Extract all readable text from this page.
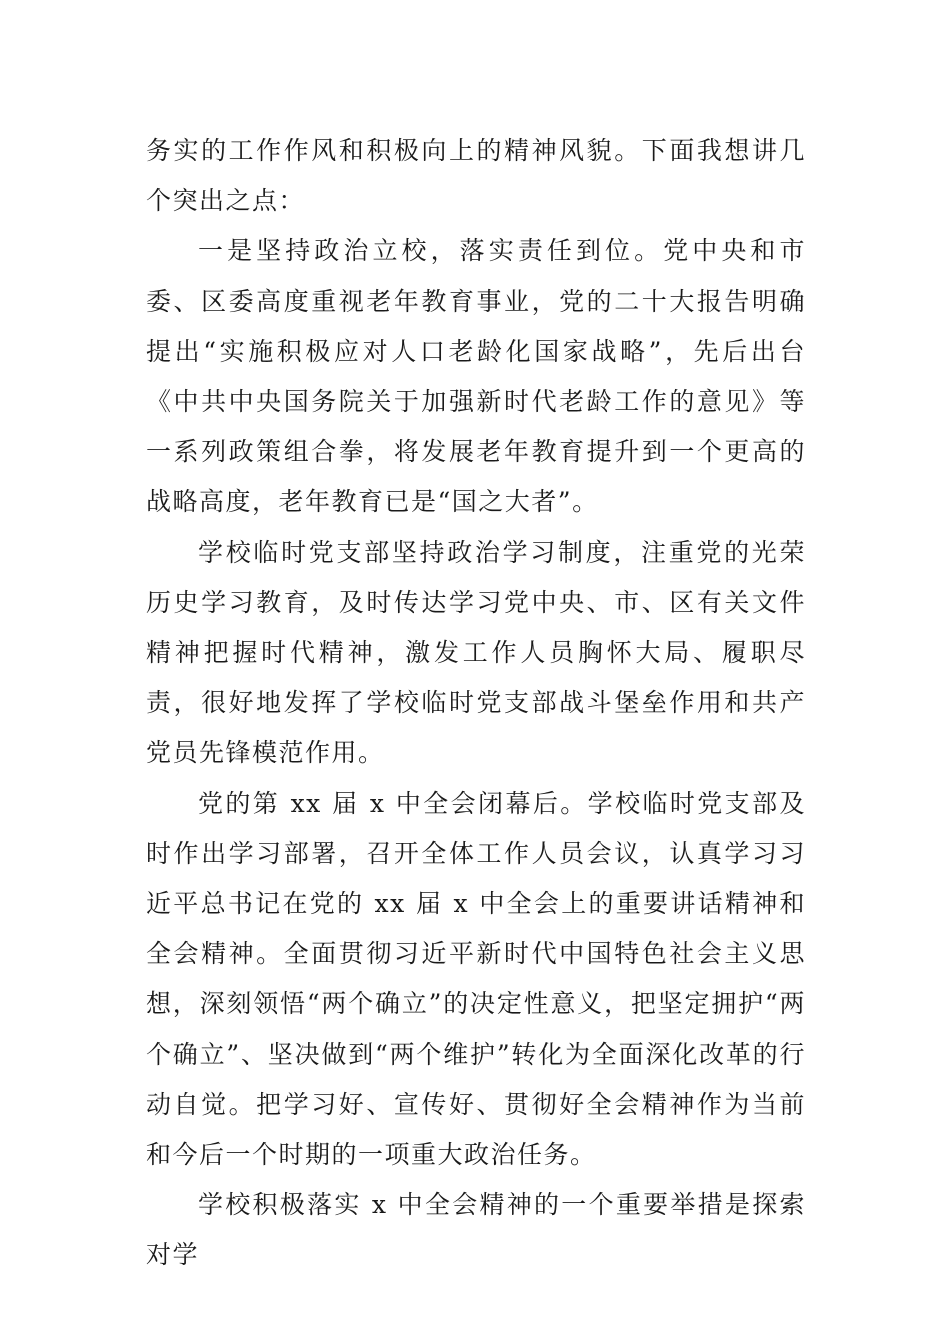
务实的工作作风和积极向上的精神风貌。下面我想讲几个突出之点：

一是坚持政治立校，落实责任到位。党中央和市委、区委高度重视老年教育事业，党的二十大报告明确提出“实施积极应对人口老龄化国家战略”，先后出台《中共中央国务院关于加强新时代老龄工作的意见》等一系列政策组合拳，将发展老年教育提升到一个更高的战略高度，老年教育已是“国之大者”。

学校临时党支部坚持政治学习制度，注重党的光荣历史学习教育，及时传达学习党中央、市、区有关文件精神把握时代精神，激发工作人员胸怀大局、履职尽责，很好地发挥了学校临时党支部战斗堡垒作用和共产党员先锋模范作用。

党的第 xx 届 x 中全会闭幕后。学校临时党支部及时作出学习部署，召开全体工作人员会议，认真学习习近平总书记在党的 xx 届 x 中全会上的重要讲话精神和全会精神。全面贯彻习近平新时代中国特色社会主义思想，深刻领悟“两个确立”的决定性意义，把坚定拥护“两个确立”、坚决做到“两个维护”转化为全面深化改革的行动自觉。把学习好、宣传好、贯彻好全会精神作为当前和今后一个时期的一项重大政治任务。

学校积极落实 x 中全会精神的一个重要举措是探索对学
